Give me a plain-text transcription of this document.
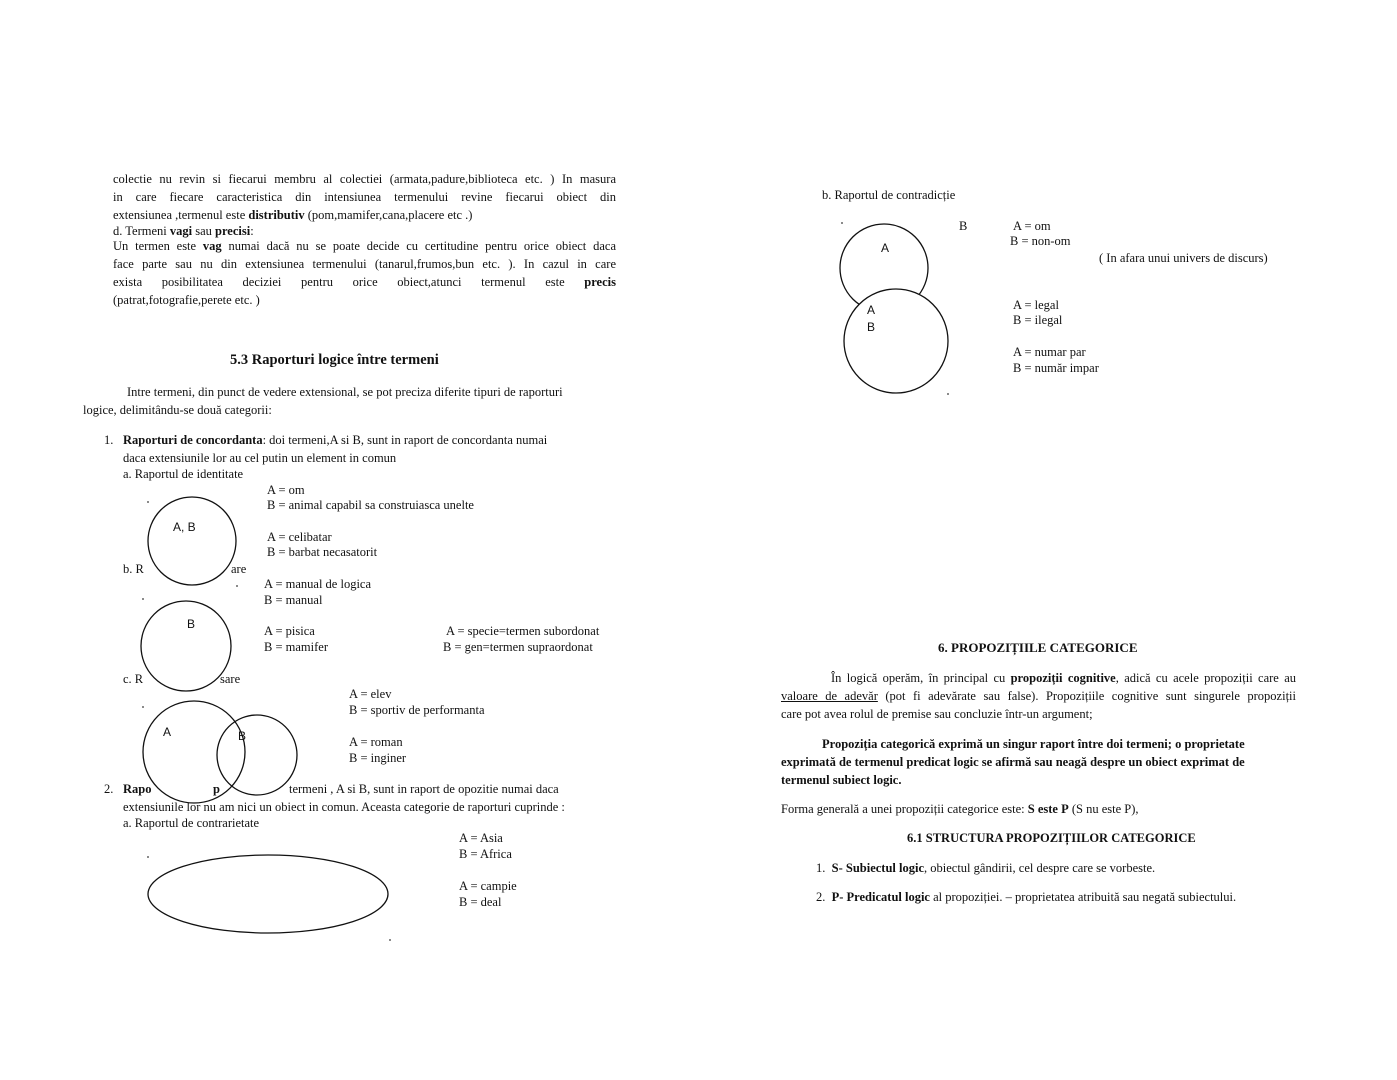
colectie nu revin si fiecarui membru al colectiei (armata,padure,biblioteca etc. ) In masura
in care fiecare caracteristica din intensiunea termenului revine fiecarui obiect din
extensiunea ,termenul este distributiv (pom,mamifer,cana,placere etc .)
d. Termeni vagi sau precisi:
Un termen este vag numai dacă nu se poate decide cu certitudine pentru orice obiect daca
face parte sau nu din extensiunea termenului (tanarul,frumos,bun etc. ). In cazul in care
exista posibilitatea deciziei pentru orice obiect,atunci termenul este precis
(patrat,fotografie,perete etc. )
5.3 Raporturi logice între termeni
Intre termeni, din punct de vedere extensional, se pot preciza diferite tipuri de raporturi
logice, delimitându-se două categorii:
1. Raporturi de concordanta: doi termeni,A si B, sunt in raport de concordanta numai
daca extensiunile lor au cel putin un element in comun
a. Raportul de identitate
A = om
B = animal capabil sa construiasca unelte
A = celibatar
B = barbat necasatorit
A, B
b. R	are
A = manual de logica
B = manual
A = pisica
B = mamifer
A = specie=termen subordonat
B = gen=termen supraordonat
B
c. R	sare
A = elev
B = sportiv de performanta
A = roman
B = inginer
A	B
2. Rapo	p	termeni , A si B, sunt in raport de opozitie numai daca
extensiunile lor nu am nici un obiect in comun. Aceasta categorie de raporturi cuprinde :
a. Raportul de contrarietate
A = Asia
B = Africa
A = campie
B = deal
b. Raportul de contradicție
B	A = om
B = non-om
( In afara unui univers de discurs)
A = legal
B = ilegal
A = numar par
B = număr impar
A
A
B
6. PROPOZIȚIILE CATEGORICE
În logică operăm, în principal cu propoziții cognitive, adică cu acele propoziții care au
valoare de adevăr (pot fi adevărate sau false). Propozițiile cognitive sunt singurele propoziții
care pot avea rolul de premise sau concluzie într-un argument;
Propoziția categorică exprimă un singur raport între doi termeni; o proprietate
exprimată de termenul predicat logic se afirmă sau neagă despre un obiect exprimat de
termenul subiect logic.
Forma generală a unei propoziții categorice este: S este P (S nu este P),
6.1 STRUCTURA PROPOZIȚIILOR CATEGORICE
1. S- Subiectul logic, obiectul gândirii, cel despre care se vorbeste.
2. P- Predicatul logic al propoziției. – proprietatea atribuită sau negată subiectului.
